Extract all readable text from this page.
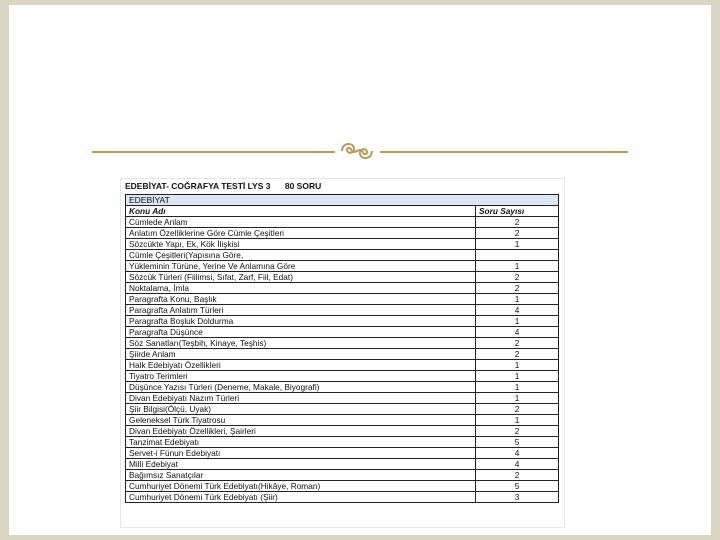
EDEBİYAT- COĞRAFYA TESTİ LYS 3 80 SORU
EDEBİYAT	
Konu Adı	Soru Sayısı
Cümlede Anlam	2
Anlatım Özelliklerine Göre Cümle Çeşitleri	2
Sözcükte Yapı, Ek, Kök İlişkisi	1
Cümle Çeşitleri(Yapısına Göre,	
Yükleminin Türüne, Yerine Ve Anlamına Göre	1
Sözcük Türleri (Fiilimsi, Sıfat, Zarf, Fiil, Edat)	2
Noktalama, İmla	2
Paragrafta Konu, Başlık	1
Paragrafta Anlatım Türleri	4
Paragrafta Boşluk Doldurma	1
Paragrafta Düşünce	4
Söz Sanatları(Teşbih, Kinaye, Teşhis)	2
Şiirde Anlam	2
Halk Edebiyatı Özellikleri	1
Tiyatro Terimleri	1
Düşünce Yazısı Türleri (Deneme, Makale, Biyografi)	1
Divan Edebiyatı Nazım Türleri	1
Şiir Bilgisi(Ölçü, Uyak)	2
Geleneksel Türk Tiyatrosu	1
Divan Edebiyatı Özellikleri, Şairleri	2
Tanzimat Edebiyatı	5
Servet-i Fünun Edebiyatı	4
Milli Edebiyat	4
Bağımsız Sanatçılar	2
Cumhuriyet Dönemi Türk Edebiyatı(Hikâye, Roman)	5
Cumhuriyet Dönemi Türk Edebiyatı (Şiir)	3
